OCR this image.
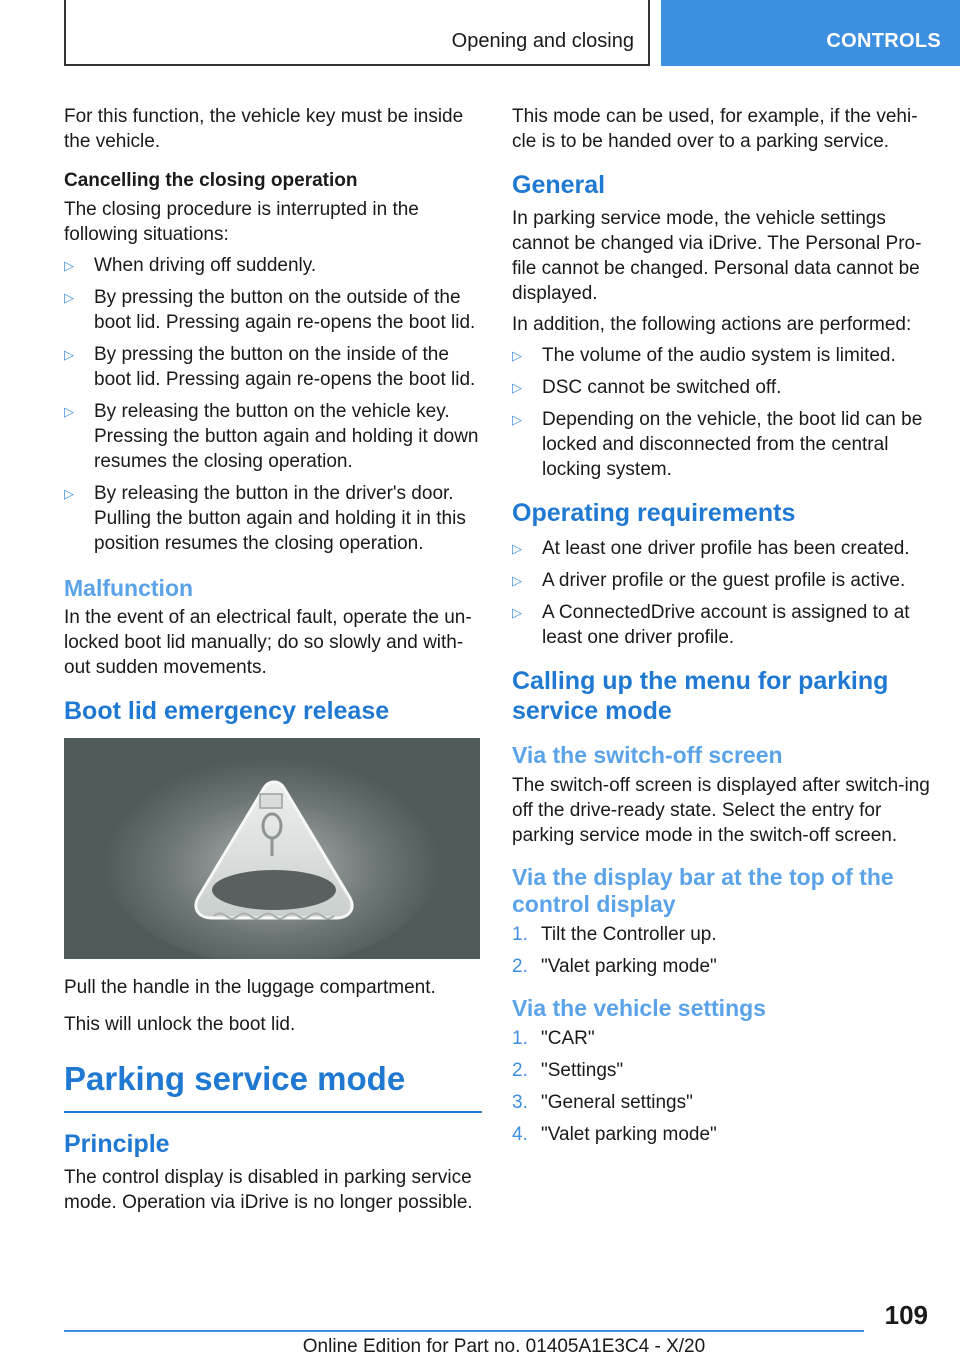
Opening and closing	CONTROLS

For this function, the vehicle key must be inside the vehicle.

Cancelling the closing operation

The closing procedure is interrupted in the following situations:

▷ When driving off suddenly.
▷ By pressing the button on the outside of the boot lid. Pressing again re-opens the boot lid.
▷ By pressing the button on the inside of the boot lid. Pressing again re-opens the boot lid.
▷ By releasing the button on the vehicle key. Pressing the button again and holding it down resumes the closing operation.
▷ By releasing the button in the driver's door. Pulling the button again and holding it in this position resumes the closing operation.
Malfunction

In the event of an electrical fault, operate the un‐locked boot lid manually; do so slowly and with‐out sudden movements.

Boot lid emergency release

Pull the handle in the luggage compartment.

This will unlock the boot lid.

Parking service mode
Principle

The control display is disabled in parking service mode. Operation via iDrive is no longer possible.

This mode can be used, for example, if the vehi‐cle is to be handed over to a parking service.

General

In parking service mode, the vehicle settings cannot be changed via iDrive. The Personal Pro‐file cannot be changed. Personal data cannot be displayed.

In addition, the following actions are performed:

▷ The volume of the audio system is limited.
▷ DSC cannot be switched off.
▷ Depending on the vehicle, the boot lid can be locked and disconnected from the central locking system.
Operating requirements
▷ At least one driver profile has been created.
▷ A driver profile or the guest profile is active.
▷ A ConnectedDrive account is assigned to at least one driver profile.
Calling up the menu for parking service mode
Via the switch-off screen

The switch-off screen is displayed after switch‐ing off the drive-ready state. Select the entry for parking service mode in the switch-off screen.

Via the display bar at the top of the control display
1. Tilt the Controller up.
2. "Valet parking mode"
Via the vehicle settings
1. "CAR"
2. "Settings"
3. "General settings"
4. "Valet parking mode"
109
Online Edition for Part no. 01405A1E3C4 - X/20
